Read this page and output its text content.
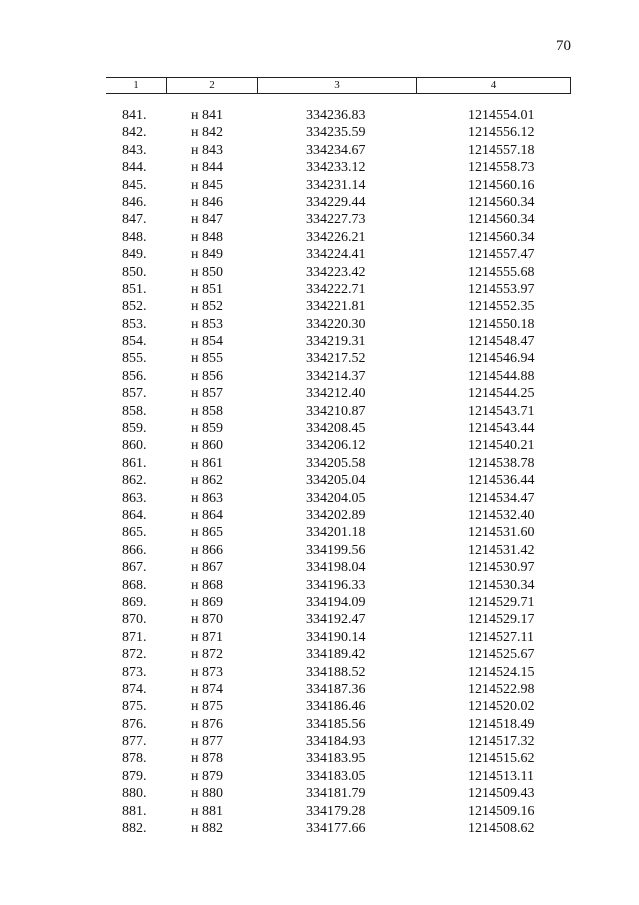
70
1	2	3	4
841.	н 841	334236.83	1214554.01
842.	н 842	334235.59	1214556.12
843.	н 843	334234.67	1214557.18
844.	н 844	334233.12	1214558.73
845.	н 845	334231.14	1214560.16
846.	н 846	334229.44	1214560.34
847.	н 847	334227.73	1214560.34
848.	н 848	334226.21	1214560.34
849.	н 849	334224.41	1214557.47
850.	н 850	334223.42	1214555.68
851.	н 851	334222.71	1214553.97
852.	н 852	334221.81	1214552.35
853.	н 853	334220.30	1214550.18
854.	н 854	334219.31	1214548.47
855.	н 855	334217.52	1214546.94
856.	н 856	334214.37	1214544.88
857.	н 857	334212.40	1214544.25
858.	н 858	334210.87	1214543.71
859.	н 859	334208.45	1214543.44
860.	н 860	334206.12	1214540.21
861.	н 861	334205.58	1214538.78
862.	н 862	334205.04	1214536.44
863.	н 863	334204.05	1214534.47
864.	н 864	334202.89	1214532.40
865.	н 865	334201.18	1214531.60
866.	н 866	334199.56	1214531.42
867.	н 867	334198.04	1214530.97
868.	н 868	334196.33	1214530.34
869.	н 869	334194.09	1214529.71
870.	н 870	334192.47	1214529.17
871.	н 871	334190.14	1214527.11
872.	н 872	334189.42	1214525.67
873.	н 873	334188.52	1214524.15
874.	н 874	334187.36	1214522.98
875.	н 875	334186.46	1214520.02
876.	н 876	334185.56	1214518.49
877.	н 877	334184.93	1214517.32
878.	н 878	334183.95	1214515.62
879.	н 879	334183.05	1214513.11
880.	н 880	334181.79	1214509.43
881.	н 881	334179.28	1214509.16
882.	н 882	334177.66	1214508.62
